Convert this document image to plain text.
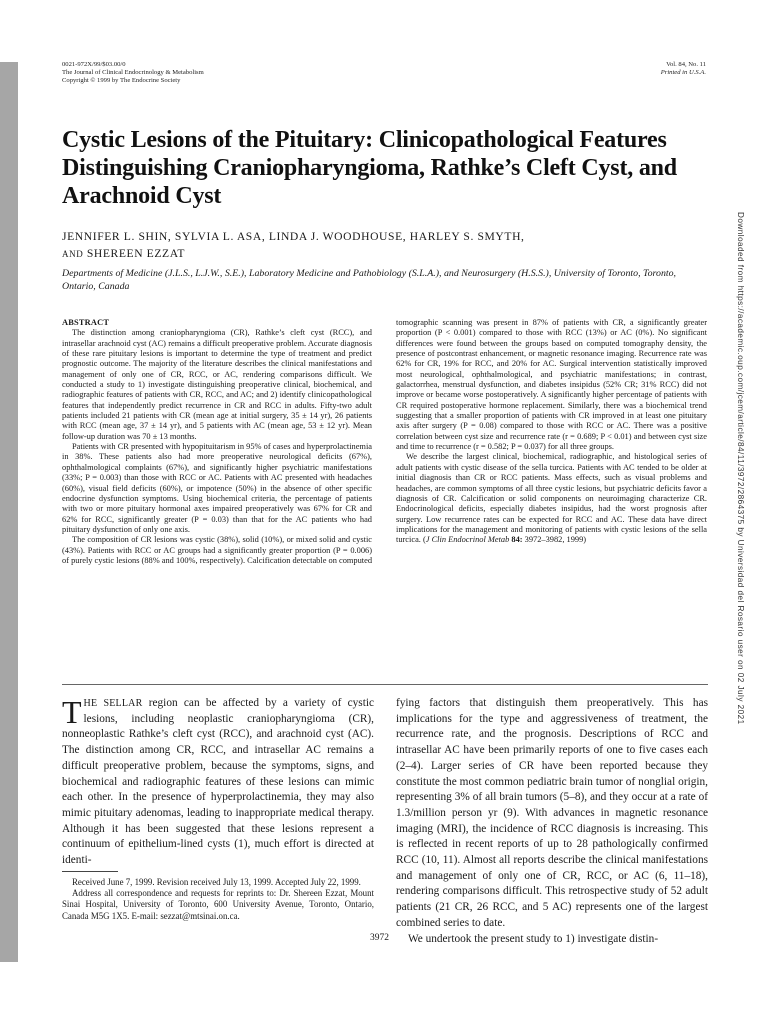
0021-972X/99/$03.00/0
The Journal of Clinical Endocrinology & Metabolism
Copyright © 1999 by The Endocrine Society
Vol. 84, No. 11
Printed in U.S.A.
Cystic Lesions of the Pituitary: Clinicopathological Features Distinguishing Craniopharyngioma, Rathke’s Cleft Cyst, and Arachnoid Cyst
JENNIFER L. SHIN, SYLVIA L. ASA, LINDA J. WOODHOUSE, HARLEY S. SMYTH,
AND SHEREEN EZZAT
Departments of Medicine (J.L.S., L.J.W., S.E.), Laboratory Medicine and Pathobiology (S.L.A.), and Neurosurgery (H.S.S.), University of Toronto, Toronto, Ontario, Canada
ABSTRACT

The distinction among craniopharyngioma (CR), Rathke’s cleft cyst (RCC), and intrasellar arachnoid cyst (AC) remains a difficult preoperative problem. Accurate diagnosis of these rare pituitary lesions is important to determine the type of treatment and predict prognostic outcome. The majority of the literature describes the clinical manifestations and management of only one of CR, RCC, or AC, rendering comparisons difficult. We conducted a study to 1) investigate distinguishing preoperative clinical, biochemical, and radiographic features of patients with CR, RCC, and AC; and 2) identify clinicopathological features that independently predict recurrence in CR and RCC in adults. Fifty-two adult patients included 21 patients with CR (mean age at initial surgery, 35 ± 14 yr), 26 patients with RCC (mean age, 37 ± 14 yr), and 5 patients with AC (mean age, 53 ± 12 yr). Mean follow-up duration was 70 ± 13 months.

Patients with CR presented with hypopituitarism in 95% of cases and hyperprolactinemia in 38%. These patients also had more preoperative neurological deficits (67%), ophthalmological complaints (67%), and significantly higher psychiatric manifestations (33%; P = 0.003) than those with RCC or AC. Patients with AC presented with headaches (60%), visual field deficits (60%), or impotence (50%) in the absence of other specific endocrine dysfunction symptoms. Using biochemical criteria, the percentage of patients with two or more pituitary hormonal axes impaired preoperatively was 67% for CR and 62% for RCC, significantly greater (P = 0.03) than that for the AC patients who had pituitary dysfunction of only one axis.

The composition of CR lesions was cystic (38%), solid (10%), or mixed solid and cystic (43%). Patients with RCC or AC groups had a significantly greater proportion (P = 0.006) of purely cystic lesions (88% and 100%, respectively). Calcification detectable on computed

tomographic scanning was present in 87% of patients with CR, a significantly greater proportion (P < 0.001) compared to those with RCC (13%) or AC (0%). No significant differences were found between the groups based on computed tomography density, the presence of postcontrast enhancement, or magnetic resonance imaging. Recurrence rate was 62% for CR, 19% for RCC, and 20% for AC. Surgical intervention statistically improved most neurological, ophthalmological, and psychiatric manifestations; in contrast, galactorrhea, menstrual dysfunction, and diabetes insipidus (52% CR; 31% RCC) did not improve or became worse postoperatively. A significantly higher percentage of patients with CR required postoperative hormone replacement. Similarly, there was a biochemical trend suggesting that a smaller proportion of patients with CR improved in at least one pituitary axis after surgery (P = 0.08) compared to those with RCC or AC. There was a positive correlation between cyst size and recurrence rate (r = 0.689; P < 0.01) and between cyst size and time to recurrence (r = 0.582; P = 0.037) for all three groups.

We describe the largest clinical, biochemical, radiographic, and histological series of adult patients with cystic disease of the sella turcica. Patients with AC tended to be older at initial diagnosis than CR or RCC patients. Mass effects, such as visual problems and headaches, are common symptoms of all three cystic lesions, but psychiatric deficits favor a diagnosis of CR. Calcification or solid components on neuroimaging characterize CR. Endocrinological deficits, especially diabetes insipidus, had the worst prognosis after surgery. Low recurrence rates can be expected for RCC and AC. These data have direct implications for the management and monitoring of patients with cystic lesions of the sella turcica. (J Clin Endocrinol Metab 84: 3972–3982, 1999)

THE SELLAR region can be affected by a variety of cystic lesions, including neoplastic craniopharyngioma (CR), nonneoplastic Rathke’s cleft cyst (RCC), and arachnoid cyst (AC). The distinction among CR, RCC, and intrasellar AC remains a difficult preoperative problem, because the symptoms, signs, and biochemical and radiographic features of these lesions can mimic each other. In the presence of hyperprolactinemia, they may also mimic pituitary adenomas, leading to inappropriate medical therapy. Although it has been suggested that these lesions represent a continuum of epithelium-lined cysts (1), much effort is directed at identi-

Received June 7, 1999. Revision received July 13, 1999. Accepted July 22, 1999.

Address all correspondence and requests for reprints to: Dr. Shereen Ezzat, Mount Sinai Hospital, University of Toronto, 600 University Avenue, Toronto, Ontario, Canada M5G 1X5. E-mail: sezzat@mtsinai.on.ca.

fying factors that distinguish them preoperatively. This has implications for the type and aggressiveness of treatment, the recurrence rate, and the prognosis. Descriptions of RCC and intrasellar AC have been primarily reports of one to five cases each (2–4). Larger series of CR have been reported because they constitute the most common pediatric brain tumor of nonglial origin, representing 3% of all brain tumors (5–8), and they occur at a rate of 1.3/million person yr (9). With advances in magnetic resonance imaging (MRI), the incidence of RCC diagnosis is increasing. This is reflected in recent reports of up to 28 pathologically confirmed RCC (10, 11). Almost all reports describe the clinical manifestations and management of only one of CR, RCC, or AC (6, 11–18), rendering comparisons difficult. This retrospective study of 52 adult patients (21 CR, 26 RCC, and 5 AC) represents one of the largest combined series to date.

We undertook the present study to 1) investigate distin-

3972
Downloaded from https://academic.oup.com/jcem/article/84/11/3972/2864375 by Universidad del Rosario user on 02 July 2021
